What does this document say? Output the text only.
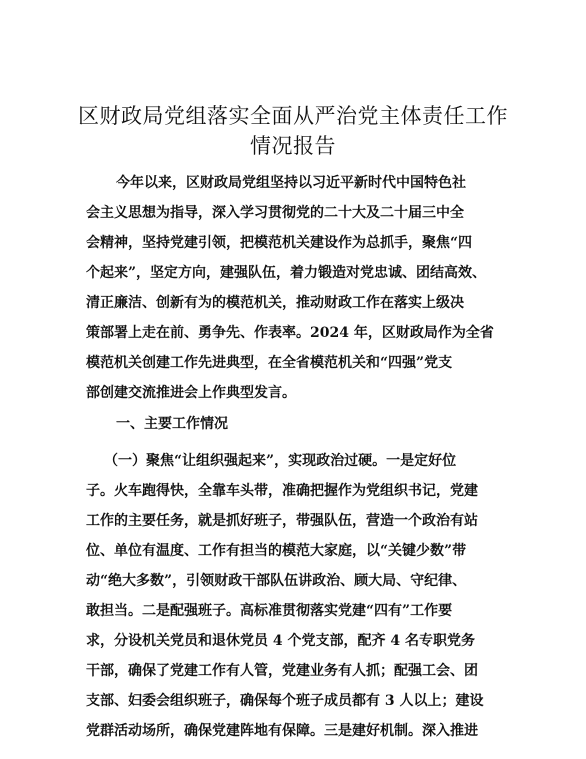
区财政局党组落实全面从严治党主体责任工作
情况报告
今年以来，区财政局党组坚持以习近平新时代中国特色社
会主义思想为指导，深入学习贯彻党的二十大及二十届三中全
会精神，坚持党建引领，把模范机关建设作为总抓手，聚焦“四
个起来”，坚定方向，建强队伍，着力锻造对党忠诚、团结高效、
清正廉洁、创新有为的模范机关，推动财政工作在落实上级决
策部署上走在前、勇争先、作表率。2024 年，区财政局作为全省
模范机关创建工作先进典型，在全省模范机关和“四强”党支
部创建交流推进会上作典型发言。
一、主要工作情况
（一）聚焦“让组织强起来”，实现政治过硬。一是定好位
子。火车跑得快，全靠车头带，准确把握作为党组织书记，党建
工作的主要任务，就是抓好班子，带强队伍，营造一个政治有站
位、单位有温度、工作有担当的模范大家庭，以“关键少数”带
动“绝大多数”，引领财政干部队伍讲政治、顾大局、守纪律、
敢担当。二是配强班子。高标准贯彻落实党建“四有”工作要
求，分设机关党员和退休党员 4 个党支部，配齐 4 名专职党务
干部，确保了党建工作有人管，党建业务有人抓；配强工会、团
支部、妇委会组织班子，确保每个班子成员都有 3 人以上；建设
党群活动场所，确保党建阵地有保障。三是建好机制。深入推进
